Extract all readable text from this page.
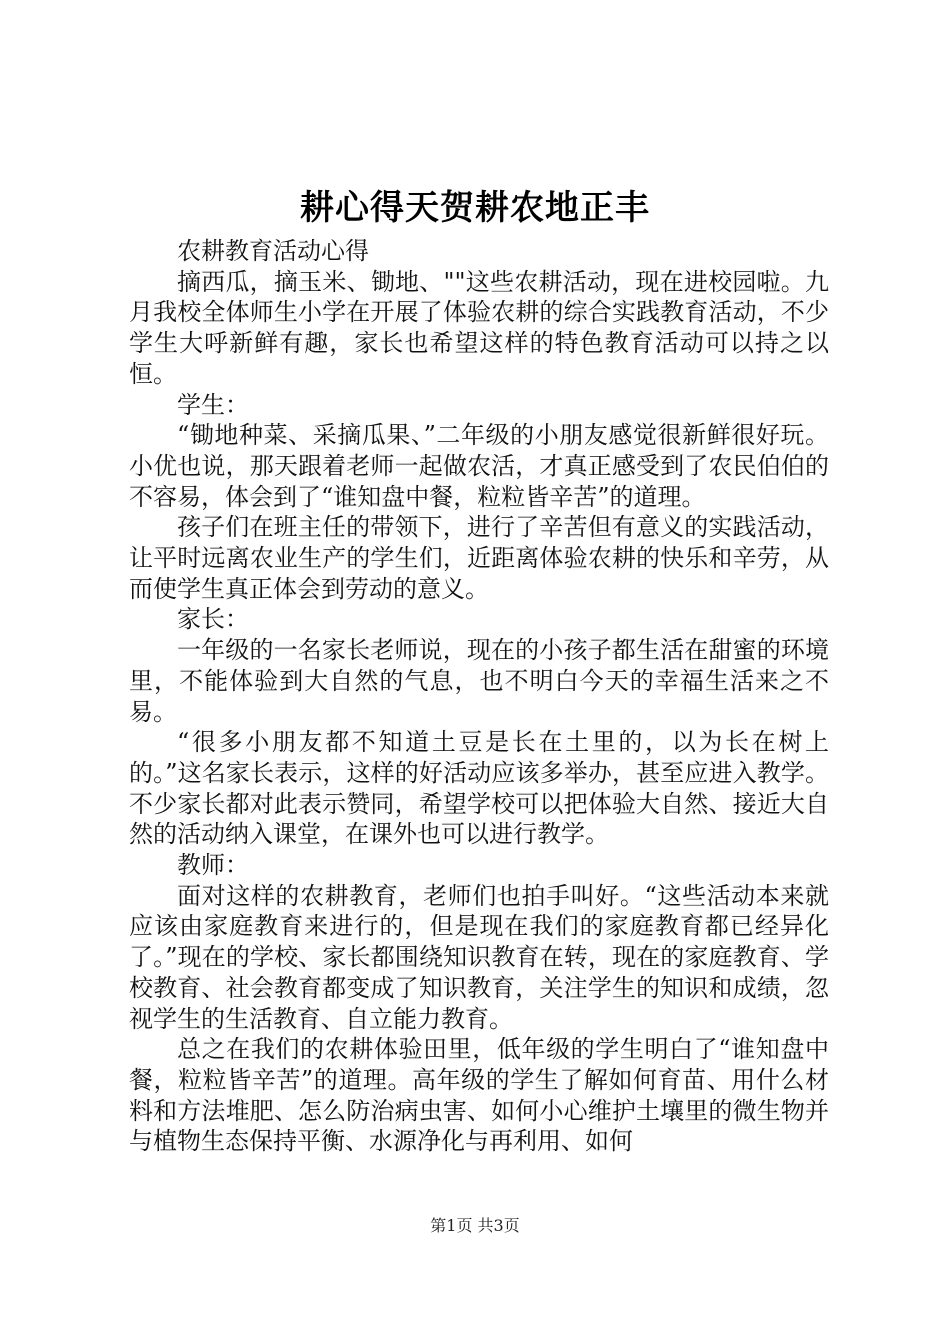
耕心得天贺耕农地正丰

农耕教育活动心得

摘西瓜，摘玉米、锄地、""这些农耕活动，现在进校园啦。九月我校全体师生小学在开展了体验农耕的综合实践教育活动，不少学生大呼新鲜有趣，家长也希望这样的特色教育活动可以持之以恒。

学生：

“锄地种菜、采摘瓜果、”二年级的小朋友感觉很新鲜很好玩。小优也说，那天跟着老师一起做农活，才真正感受到了农民伯伯的不容易，体会到了“谁知盘中餐，粒粒皆辛苦”的道理。

孩子们在班主任的带领下，进行了辛苦但有意义的实践活动，让平时远离农业生产的学生们，近距离体验农耕的快乐和辛劳，从而使学生真正体会到劳动的意义。

家长：

一年级的一名家长老师说，现在的小孩子都生活在甜蜜的环境里，不能体验到大自然的气息，也不明白今天的幸福生活来之不易。

“很多小朋友都不知道土豆是长在土里的，以为长在树上的。”这名家长表示，这样的好活动应该多举办，甚至应进入教学。不少家长都对此表示赞同，希望学校可以把体验大自然、接近大自然的活动纳入课堂，在课外也可以进行教学。

教师：

面对这样的农耕教育，老师们也拍手叫好。“这些活动本来就应该由家庭教育来进行的，但是现在我们的家庭教育都已经异化了。”现在的学校、家长都围绕知识教育在转，现在的家庭教育、学校教育、社会教育都变成了知识教育，关注学生的知识和成绩，忽视学生的生活教育、自立能力教育。

总之在我们的农耕体验田里，低年级的学生明白了“谁知盘中餐，粒粒皆辛苦”的道理。高年级的学生了解如何育苗、用什么材料和方法堆肥、怎么防治病虫害、如何小心维护土壤里的微生物并与植物生态保持平衡、水源净化与再利用、如何

第1页 共3页
